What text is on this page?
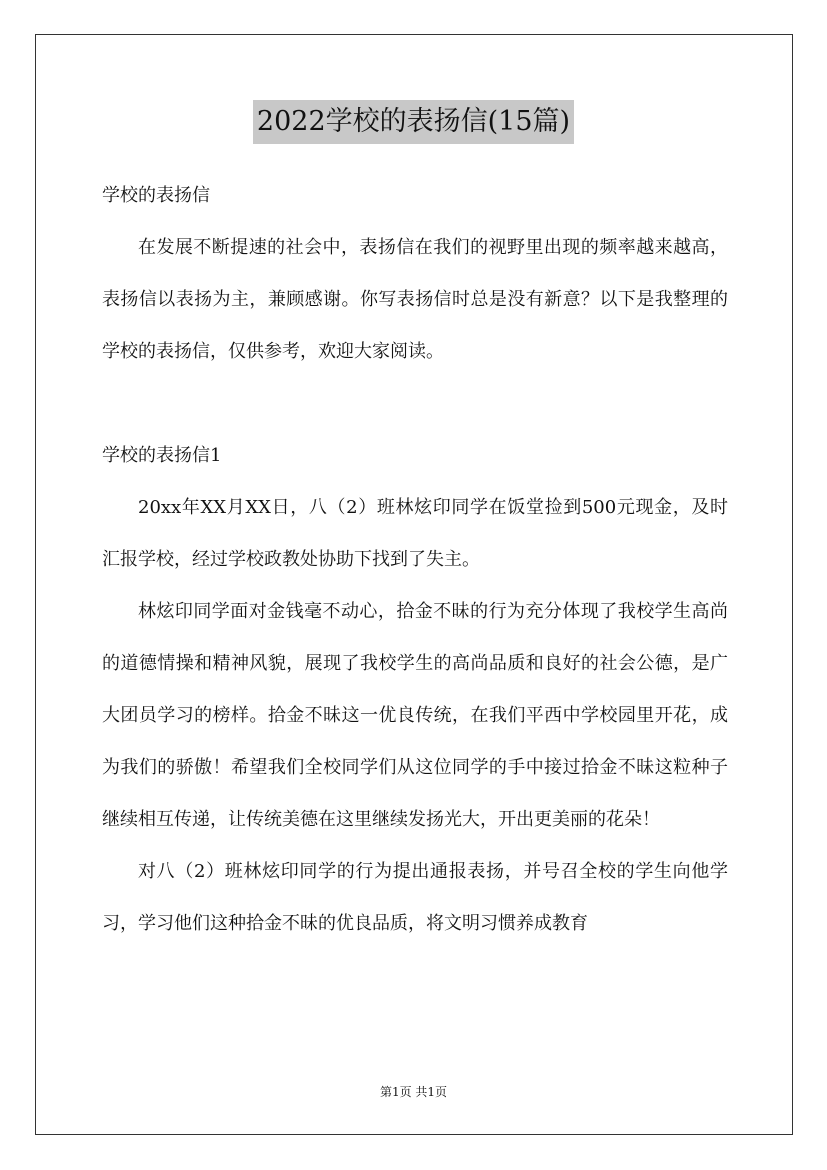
2022学校的表扬信(15篇)

学校的表扬信

在发展不断提速的社会中，表扬信在我们的视野里出现的频率越来越高，表扬信以表扬为主，兼顾感谢。你写表扬信时总是没有新意？以下是我整理的学校的表扬信，仅供参考，欢迎大家阅读。

学校的表扬信1

20xx年XX月XX日，八（2）班林炫印同学在饭堂捡到500元现金，及时汇报学校，经过学校政教处协助下找到了失主。

林炫印同学面对金钱毫不动心，拾金不昧的行为充分体现了我校学生高尚的道德情操和精神风貌，展现了我校学生的高尚品质和良好的社会公德，是广大团员学习的榜样。拾金不昧这一优良传统，在我们平西中学校园里开花，成为我们的骄傲！希望我们全校同学们从这位同学的手中接过拾金不昧这粒种子继续相互传递，让传统美德在这里继续发扬光大，开出更美丽的花朵！

对八（2）班林炫印同学的行为提出通报表扬，并号召全校的学生向他学习，学习他们这种拾金不昧的优良品质，将文明习惯养成教育

第1页 共1页
